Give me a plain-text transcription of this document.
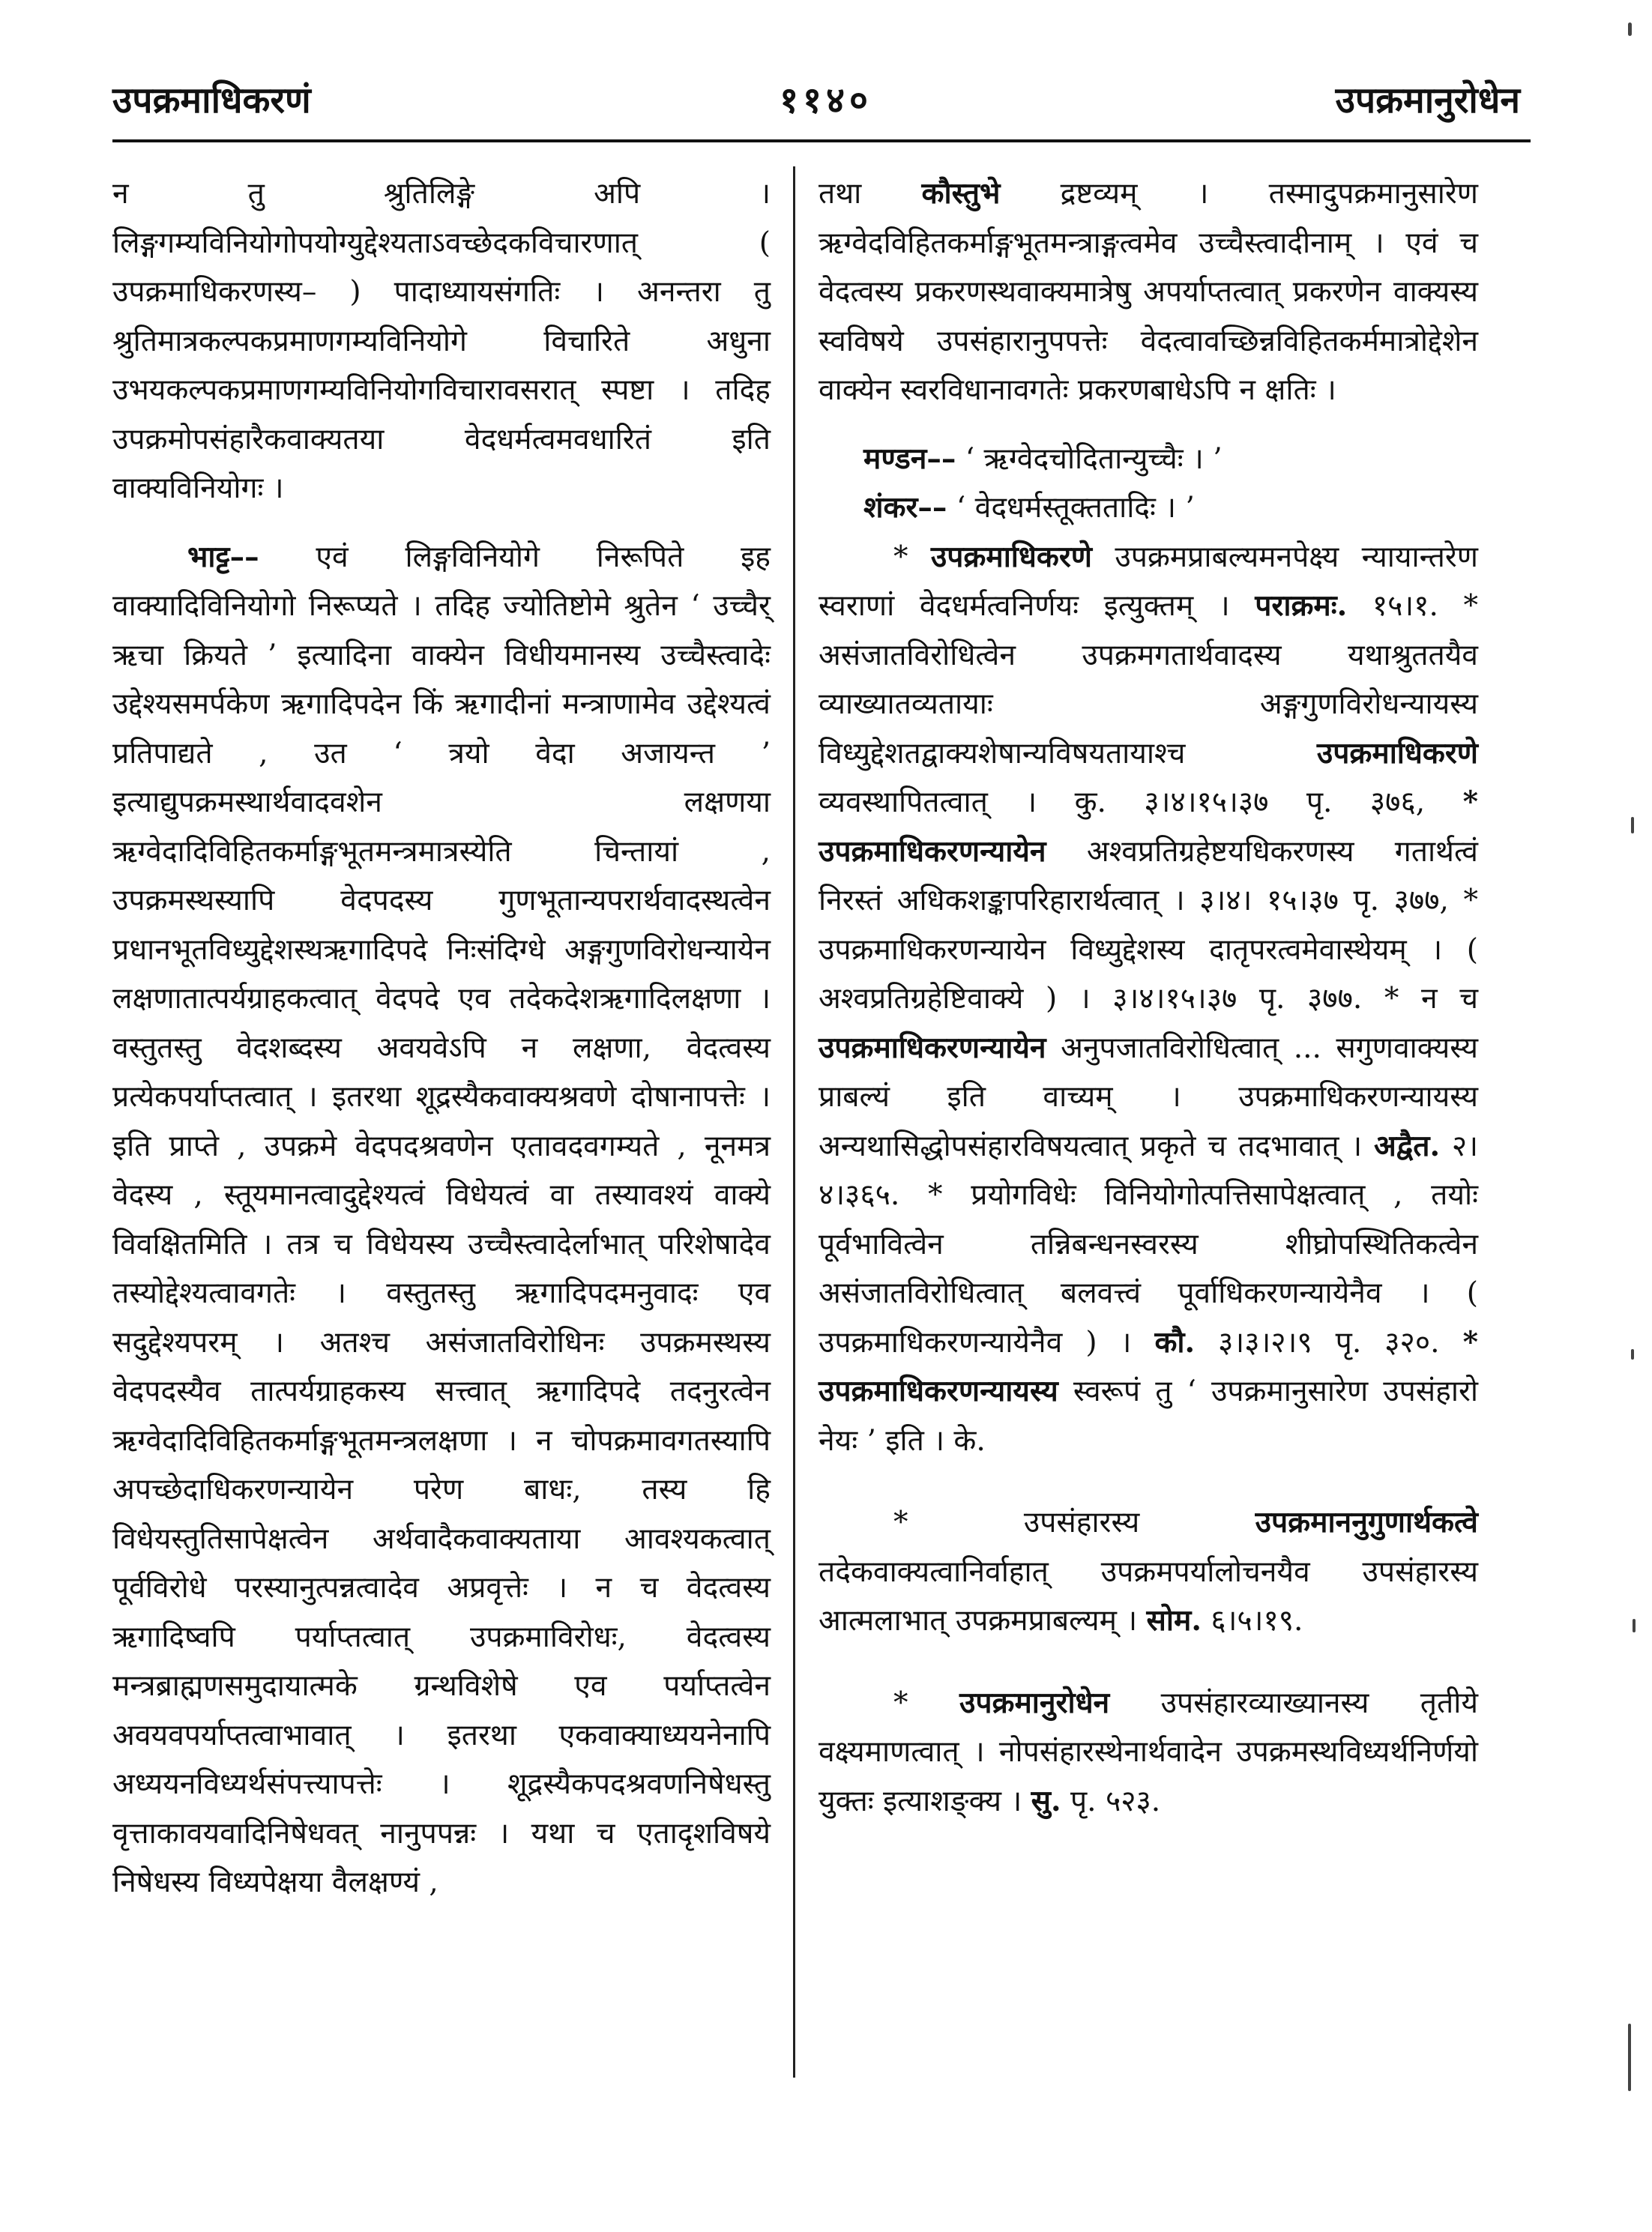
११४०
उपक्रमाधिकरणं	उपक्रमानुरोधेन

न तु श्रुतिलिङ्गे अपि । लिङ्गगम्यविनियोगोपयोग्युद्देश्यताऽवच्छेदकविचारणात् ( उपक्रमाधिकरणस्य– ) पादाध्यायसंगतिः । अनन्तरा तु श्रुतिमात्रकल्पकप्रमाणगम्यविनियोगे विचारिते अधुना उभयकल्पकप्रमाणगम्यविनियोगविचारावसरात् स्पष्टा । तदिह उपक्रमोपसंहारैकवाक्यतया वेदधर्मत्वमवधारितं इति वाक्यविनियोगः ।

भाट्ट–– एवं लिङ्गविनियोगे निरूपिते इह वाक्यादिविनियोगो निरूप्यते । तदिह ज्योतिष्टोमे श्रुतेन ‘ उच्चैर् ऋचा क्रियते ’ इत्यादिना वाक्येन विधीयमानस्य उच्चैस्त्वादेः उद्देश्यसमर्पकेण ऋगादिपदेन किं ऋगादीनां मन्त्राणामेव उद्देश्यत्वं प्रतिपाद्यते , उत ‘ त्रयो वेदा अजायन्त ’ इत्याद्युपक्रमस्थार्थवादवशेन लक्षणया ऋग्वेदादिविहितकर्माङ्गभूतमन्त्रमात्रस्येति चिन्तायां , उपक्रमस्थस्यापि वेदपदस्य गुणभूतान्यपरार्थवादस्थत्वेन प्रधानभूतविध्युद्देशस्थऋगादिपदे निःसंदिग्धे अङ्गगुणविरोधन्यायेन लक्षणातात्पर्यग्राहकत्वात् वेदपदे एव तदेकदेशऋगादिलक्षणा । वस्तुतस्तु वेदशब्दस्य अवयवेऽपि न लक्षणा, वेदत्वस्य प्रत्येकपर्याप्तत्वात् । इतरथा शूद्रस्यैकवाक्यश्रवणे दोषानापत्तेः । इति प्राप्ते , उपक्रमे वेदपदश्रवणेन एतावदवगम्यते , नूनमत्र वेदस्य , स्तूयमानत्वादुद्देश्यत्वं विधेयत्वं वा तस्यावश्यं वाक्ये विवक्षितमिति । तत्र च विधेयस्य उच्चैस्त्वादेर्लाभात् परिशेषादेव तस्योद्देश्यत्वावगतेः । वस्तुतस्तु ऋगादिपदमनुवादः एव सदुद्देश्यपरम् । अतश्च असंजातविरोधिनः उपक्रमस्थस्य वेदपदस्यैव तात्पर्यग्राहकस्य सत्त्वात् ऋगादिपदे तदनुरत्वेन ऋग्वेदादिविहितकर्माङ्गभूतमन्त्रलक्षणा । न चोपक्रमावगतस्यापि अपच्छेदाधिकरणन्यायेन परेण बाधः, तस्य हि विधेयस्तुतिसापेक्षत्वेन अर्थवादैकवाक्यताया आवश्यकत्वात् पूर्वविरोधे परस्यानुत्पन्नत्वादेव अप्रवृत्तेः । न च वेदत्वस्य ऋगादिष्वपि पर्याप्तत्वात् उपक्रमाविरोधः, वेदत्वस्य मन्त्रब्राह्मणसमुदायात्मके ग्रन्थविशेषे एव पर्याप्तत्वेन अवयवपर्याप्तत्वाभावात् । इतरथा एकवाक्याध्ययनेनापि अध्ययनविध्यर्थसंपत्त्यापत्तेः । शूद्रस्यैकपदश्रवणनिषेधस्तु वृत्ताकावयवादिनिषेधवत् नानुपपन्नः । यथा च एतादृशविषये निषेधस्य विध्यपेक्षया वैलक्षण्यं ,

तथा कौस्तुभे द्रष्टव्यम् । तस्मादुपक्रमानुसारेण ऋग्वेदविहितकर्माङ्गभूतमन्त्राङ्गत्वमेव उच्चैस्त्वादीनाम् । एवं च वेदत्वस्य प्रकरणस्थवाक्यमात्रेषु अपर्याप्तत्वात् प्रकरणेन वाक्यस्य स्वविषये उपसंहारानुपपत्तेः वेदत्वावच्छिन्नविहितकर्ममात्रोद्देशेन वाक्येन स्वरविधानावगतेः प्रकरणबाधेऽपि न क्षतिः ।

मण्डन–– ‘ ऋग्वेदचोदितान्युच्चैः । ’

शंकर–– ‘ वेदधर्मस्तूक्ततादिः । ’

* उपक्रमाधिकरणे उपक्रमप्राबल्यमनपेक्ष्य न्यायान्तरेण स्वराणां वेदधर्मत्वनिर्णयः इत्युक्तम् । पराक्रमः. १५।१. * असंजातविरोधित्वेन उपक्रमगतार्थवादस्य यथाश्रुततयैव व्याख्यातव्यतायाः अङ्गगुणविरोधन्यायस्य विध्युद्देशतद्वाक्यशेषान्यविषयतायाश्च	उपक्रमाधिकरणे व्यवस्थापितत्वात् । कु. ३।४।१५।३७ पृ. ३७६, * उपक्रमाधिकरणन्यायेन अश्वप्रतिग्रहेष्टयधिकरणस्य गतार्थत्वं निरस्तं अधिकशङ्कापरिहारार्थत्वात् । ३।४। १५।३७ पृ. ३७७, * उपक्रमाधिकरणन्यायेन विध्युद्देशस्य दातृपरत्वमेवास्थेयम् । ( अश्वप्रतिग्रहेष्टिवाक्ये ) । ३।४।१५।३७ पृ. ३७७. * न च उपक्रमाधिकरणन्यायेन अनुपजातविरोधित्वात् ... सगुणवाक्यस्य प्राबल्यं इति वाच्यम् । उपक्रमाधिकरणन्यायस्य अन्यथासिद्धोपसंहारविषयत्वात् प्रकृते च तदभावात् । अद्वैत. २।४।३६५. * प्रयोगविधेः विनियोगोत्पत्तिसापेक्षत्वात् , तयोः पूर्वभावित्वेन तन्निबन्धनस्वरस्य शीघ्रोपस्थितिकत्वेन असंजातविरोधित्वात् बलवत्त्वं पूर्वाधिकरणन्यायेनैव । ( उपक्रमाधिकरणन्यायेनैव ) । कौ. ३।३।२।९ पृ. ३२०. * उपक्रमाधिकरणन्यायस्य स्वरूपं तु ‘ उपक्रमानुसारेण उपसंहारो नेयः ’ इति । के.

* उपसंहारस्य	उपक्रमाननुगुणार्थकत्वे तदेकवाक्यत्वानिर्वाहात् उपक्रमपर्यालोचनयैव उपसंहारस्य आत्मलाभात् उपक्रमप्राबल्यम् । सोम. ६।५।१९.

* उपक्रमानुरोधेन उपसंहारव्याख्यानस्य तृतीये वक्ष्यमाणत्वात् । नोपसंहारस्थेनार्थवादेन उपक्रमस्थविध्यर्थनिर्णयो युक्तः इत्याशङ्क्य । सु. पृ. ५२३.
